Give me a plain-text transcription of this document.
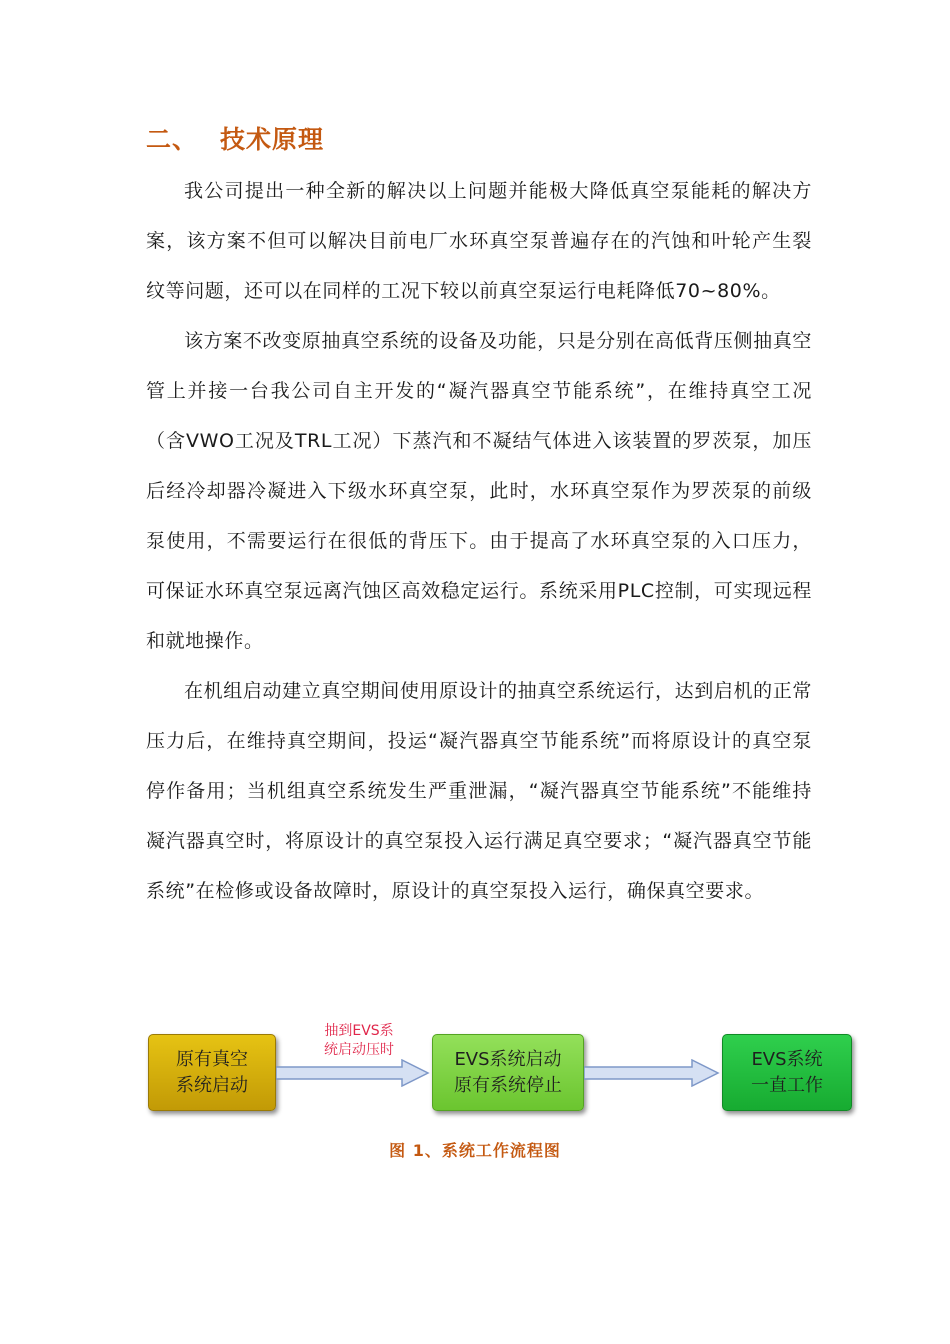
二、 技术原理

我公司提出一种全新的解决以上问题并能极大降低真空泵能耗的解决方案，该方案不但可以解决目前电厂水环真空泵普遍存在的汽蚀和叶轮产生裂纹等问题，还可以在同样的工况下较以前真空泵运行电耗降低70~80%。

该方案不改变原抽真空系统的设备及功能，只是分别在高低背压侧抽真空管上并接一台我公司自主开发的“凝汽器真空节能系统”，在维持真空工况（含VWO工况及TRL工况）下蒸汽和不凝结气体进入该装置的罗茨泵，加压后经冷却器冷凝进入下级水环真空泵，此时，水环真空泵作为罗茨泵的前级泵使用，不需要运行在很低的背压下。由于提高了水环真空泵的入口压力，可保证水环真空泵远离汽蚀区高效稳定运行。系统采用PLC控制，可实现远程和就地操作。

在机组启动建立真空期间使用原设计的抽真空系统运行，达到启机的正常压力后，在维持真空期间，投运“凝汽器真空节能系统”而将原设计的真空泵停作备用；当机组真空系统发生严重泄漏，“凝汽器真空节能系统”不能维持凝汽器真空时，将原设计的真空泵投入运行满足真空要求；“凝汽器真空节能系统”在检修或设备故障时，原设计的真空泵投入运行，确保真空要求。

原有真空
系统启动
抽到EVS系
统启动压时	EVS系统启动
原有系统停止
EVS系统
一直工作
图 1、系统工作流程图
